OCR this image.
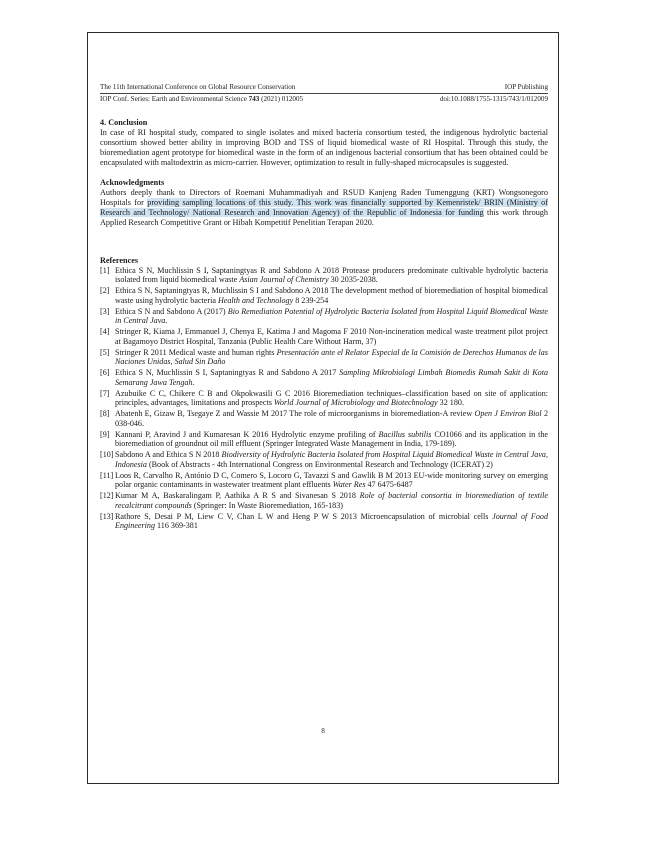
The 11th International Conference on Global Resource Conservation	IOP Publishing
IOP Conf. Series: Earth and Environmental Science 743 (2021) 012005	doi:10.1088/1755-1315/743/1/012009
4. Conclusion

In case of RI hospital study, compared to single isolates and mixed bacteria consortium tested, the indigenous hydrolytic bacterial consortium showed better ability in improving BOD and TSS of liquid biomedical waste of RI Hospital. Through this study, the bioremediation agent prototype for biomedical waste in the form of an indigenous bacterial consortium that has been obtained could be encapsulated with maltodextrin as micro-carrier. However, optimization to result in fully-shaped microcapsules is suggested.

Acknowledgments

Authors deeply thank to Directors of Roemani Muhammadiyah and RSUD Kanjeng Raden Tumenggung (KRT) Wongsonegoro Hospitals for providing sampling locations of this study. This work was financially supported by Kemenristek/ BRIN (Ministry of Research and Technology/ National Research and Innovation Agency) of the Republic of Indonesia for funding this work through Applied Research Competitive Grant or Hibah Kompetitif Penelitian Terapan 2020.

References
[1] Ethica S N, Muchlissin S I, Saptaningtyas R and Sabdono A 2018 Protease producers predominate cultivable hydrolytic bacteria isolated from liquid biomedical waste Asian Journal of Chemistry 30 2035-2038.
[2] Ethica S N, Saptaningtyas R, Muchlissin S I and Sabdono A 2018 The development method of bioremediation of hospital biomedical waste using hydrolytic bacteria Health and Technology 8 239-254
[3] Ethica S N and Sabdono A (2017) Bio Remediation Potential of Hydrolytic Bacteria Isolated from Hospital Liquid Biomedical Waste in Central Java.
[4] Stringer R, Kiama J, Emmanuel J, Chenya E, Katima J and Magoma F 2010 Non-incineration medical waste treatment pilot project at Bagamoyo District Hospital, Tanzania (Public Health Care Without Harm, 37)
[5] Stringer R 2011 Medical waste and human rights Presentación ante el Relator Especial de la Comisión de Derechos Humanos de las Naciones Unidas, Salud Sin Daño
[6] Ethica S N, Muchlissin S I, Saptaningtyas R and Sabdono A 2017 Sampling Mikrobiologi Limbah Biomedis Rumah Sakit di Kota Semarang Jawa Tengah.
[7] Azubuike C C, Chikere C B and Okpokwasili G C 2016 Bioremediation techniques–classification based on site of application: principles, advantages, limitations and prospects World Journal of Microbiology and Biotechnology 32 180.
[8] Abatenh E, Gizaw B, Tsegaye Z and Wassie M 2017 The role of microorganisms in bioremediation-A review Open J Environ Biol 2 038-046.
[9] Kannani P, Aravind J and Kumaresan K 2016 Hydrolytic enzyme profiling of Bacillus subtilis CO1066 and its application in the bioremediation of groundnut oil mill effluent (Springer Integrated Waste Management in India, 179-189).
[10] Sabdono A and Ethica S N 2018 Biodiversity of Hydrolytic Bacteria Isolated from Hospital Liquid Biomedical Waste in Central Java, Indonesia (Book of Abstracts - 4th International Congress on Environmental Research and Technology (ICERAT) 2)
[11] Loos R, Carvalho R, António D C, Comero S, Locoro G, Tavazzi S and Gawlik B M 2013 EU-wide monitoring survey on emerging polar organic contaminants in wastewater treatment plant effluents Water Res 47 6475-6487
[12] Kumar M A, Baskaralingam P, Aathika A R S and Sivanesan S 2018 Role of bacterial consortia in bioremediation of textile recalcitrant compounds (Springer: In Waste Bioremediation, 165-183)
[13] Rathore S, Desai P M, Liew C V, Chan L W and Heng P W S 2013 Microencapsulation of microbial cells Journal of Food Engineering 116 369-381
8
